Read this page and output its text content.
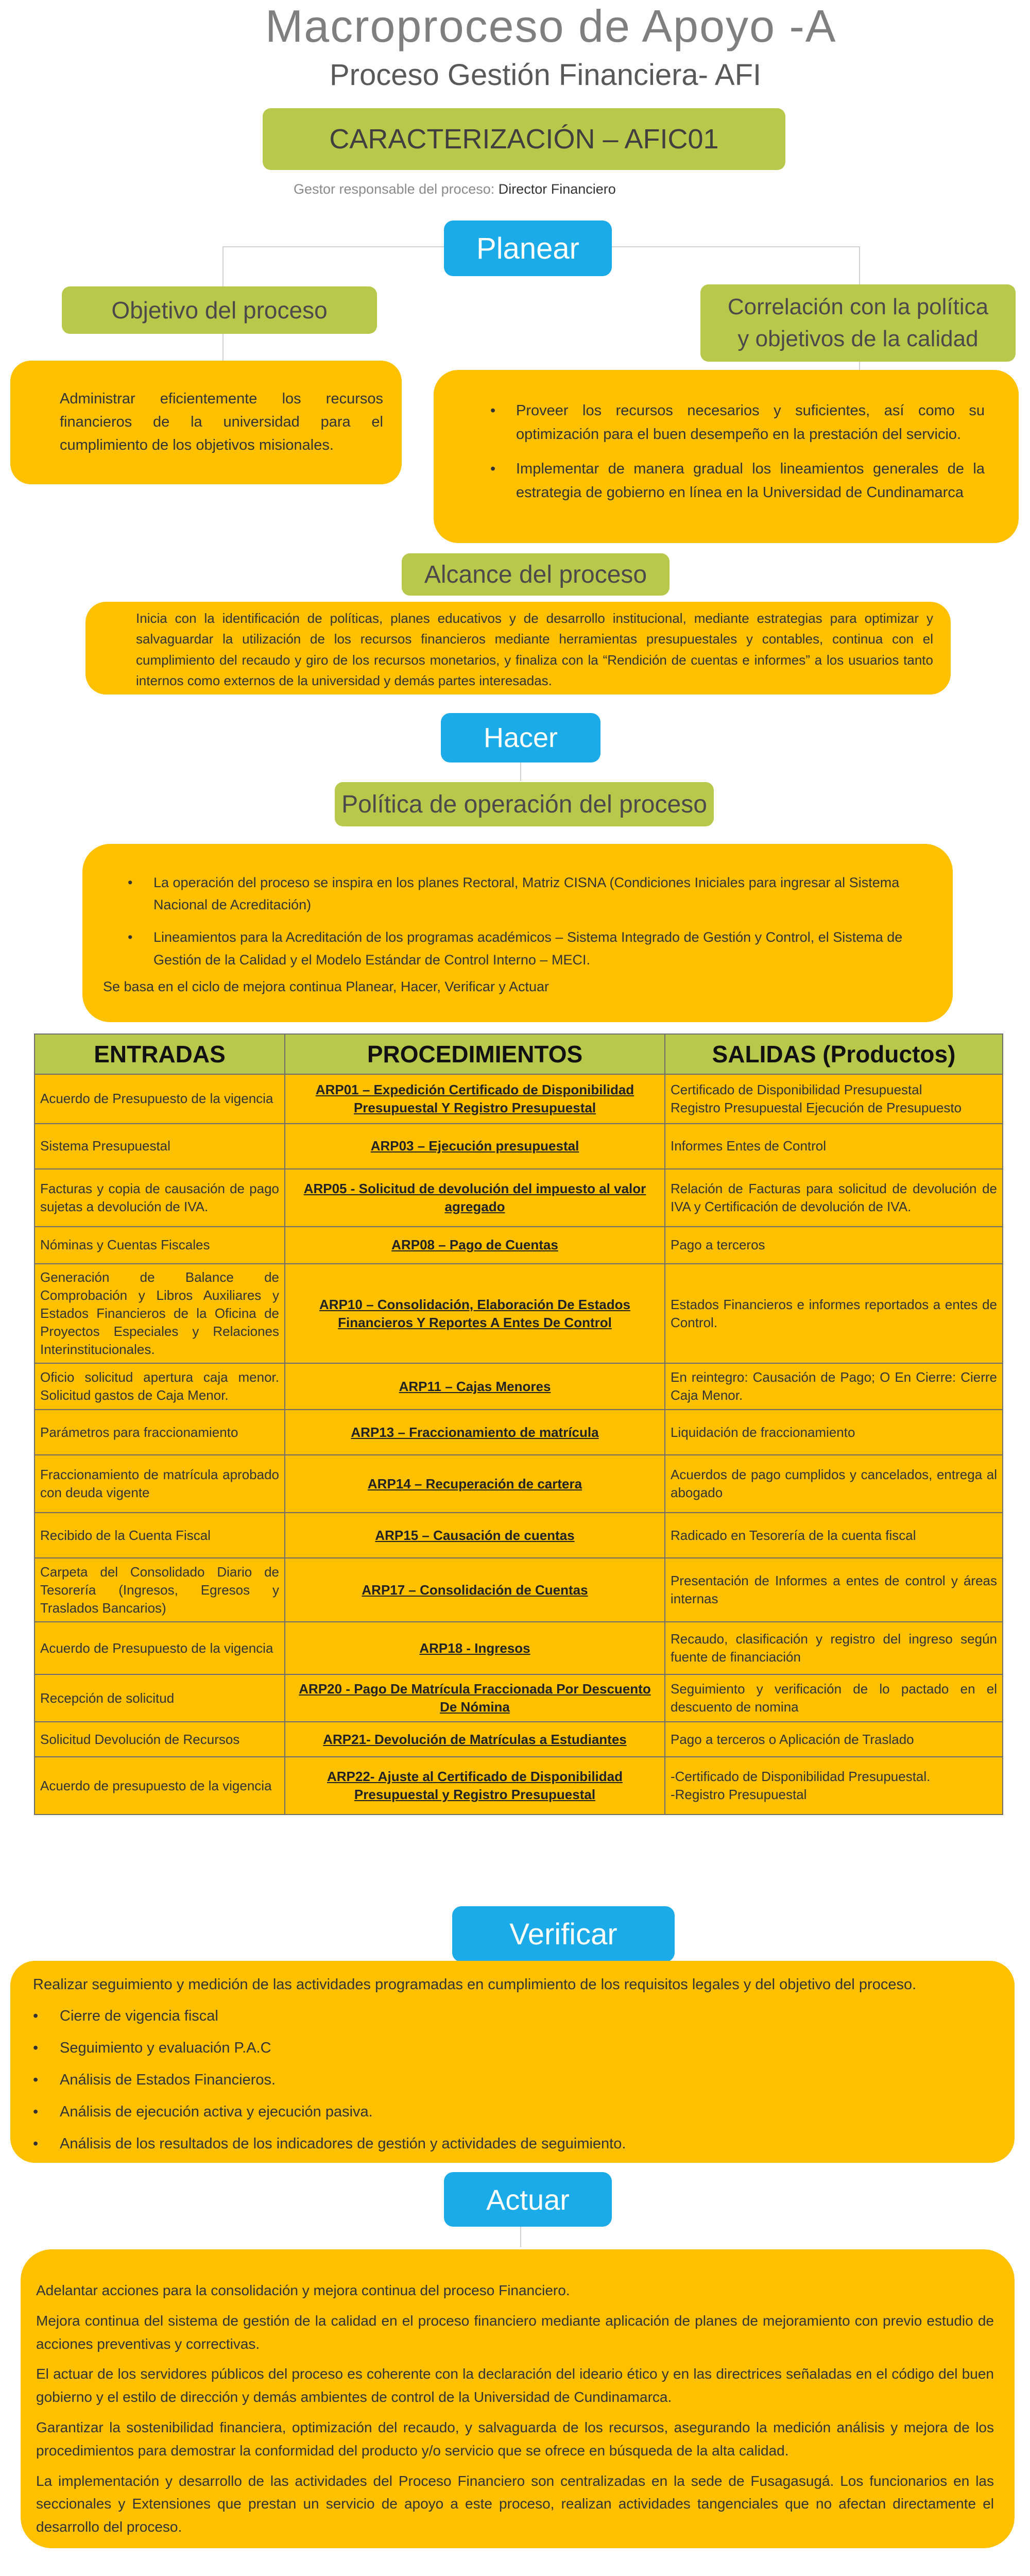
Macroproceso de Apoyo -A
Proceso Gestión Financiera- AFI
CARACTERIZACIÓN – AFIC01
Gestor responsable del proceso: Director Financiero
Planear
Objetivo del proceso	Correlación con la política
y objetivos de la calidad
Administrar eficientemente los recursos financieros de la universidad para el cumplimiento de los objetivos misionales.
• Proveer los recursos necesarios y suficientes, así como su optimización para el buen desempeño en la prestación del servicio.
• Implementar de manera gradual los lineamientos generales de la estrategia de gobierno en línea en la Universidad de Cundinamarca
Alcance del proceso
Inicia con la identificación de políticas, planes educativos y de desarrollo institucional, mediante estrategias para optimizar y salvaguardar la utilización de los recursos financieros mediante herramientas presupuestales y contables, continua con el cumplimiento del recaudo y giro de los recursos monetarios, y finaliza con la “Rendición de cuentas e informes” a los usuarios tanto internos como externos de la universidad y demás partes interesadas.
Hacer
Política de operación del proceso
• La operación del proceso se inspira en los planes Rectoral, Matriz CISNA (Condiciones Iniciales para ingresar al Sistema Nacional de Acreditación)
• Lineamientos para la Acreditación de los programas académicos – Sistema Integrado de Gestión y Control, el Sistema de Gestión de la Calidad y el Modelo Estándar de Control Interno – MECI.
Se basa en el ciclo de mejora continua Planear, Hacer, Verificar y Actuar
ENTRADAS	PROCEDIMIENTOS	SALIDAS (Productos)
Acuerdo de Presupuesto de la vigencia	ARP01 – Expedición Certificado de Disponibilidad Presupuestal Y Registro Presupuestal	Certificado de Disponibilidad Presupuestal
Registro Presupuestal Ejecución de Presupuesto
Sistema Presupuestal	ARP03 – Ejecución presupuestal	Informes Entes de Control
Facturas y copia de causación de pago sujetas a devolución de IVA.	ARP05 - Solicitud de devolución del impuesto al valor agregado	Relación de Facturas para solicitud de devolución de IVA y Certificación de devolución de IVA.
Nóminas y Cuentas Fiscales	ARP08 – Pago de Cuentas	Pago a terceros
Generación de Balance de Comprobación y Libros Auxiliares y Estados Financieros de la Oficina de Proyectos Especiales y Relaciones Interinstitucionales.	ARP10 – Consolidación, Elaboración De Estados Financieros Y Reportes A Entes De Control	Estados Financieros e informes reportados a entes de Control.
Oficio solicitud apertura caja menor. Solicitud gastos de Caja Menor.	ARP11 – Cajas Menores	En reintegro: Causación de Pago; O En Cierre: Cierre Caja Menor.
Parámetros para fraccionamiento	ARP13 – Fraccionamiento de matrícula	Liquidación de fraccionamiento
Fraccionamiento de matrícula aprobado con deuda vigente	ARP14 – Recuperación de cartera	Acuerdos de pago cumplidos y cancelados, entrega al abogado
Recibido de la Cuenta Fiscal	ARP15 – Causación de cuentas	Radicado en Tesorería de la cuenta fiscal
Carpeta del Consolidado Diario de Tesorería (Ingresos, Egresos y Traslados Bancarios)	ARP17 – Consolidación de Cuentas	Presentación de Informes a entes de control y áreas internas
Acuerdo de Presupuesto de la vigencia	ARP18 - Ingresos	Recaudo, clasificación y registro del ingreso según fuente de financiación
Recepción de solicitud	ARP20 - Pago De Matrícula Fraccionada Por Descuento De Nómina	Seguimiento y verificación de lo pactado en el descuento de nomina
Solicitud Devolución de Recursos	ARP21- Devolución de Matrículas a Estudiantes	Pago a terceros o Aplicación de Traslado
Acuerdo de presupuesto de la vigencia	ARP22- Ajuste al Certificado de Disponibilidad Presupuestal y Registro Presupuestal	-Certificado de Disponibilidad Presupuestal.
-Registro Presupuestal
Verificar
Realizar seguimiento y medición de las actividades programadas en cumplimiento de los requisitos legales y del objetivo del proceso.
• Cierre de vigencia fiscal
• Seguimiento y evaluación P.A.C
• Análisis de Estados Financieros.
• Análisis de ejecución activa y ejecución pasiva.
• Análisis de los resultados de los indicadores de gestión y actividades de seguimiento.
Actuar

Adelantar acciones para la consolidación y mejora continua del proceso Financiero.

Mejora continua del sistema de gestión de la calidad en el proceso financiero mediante aplicación de planes de mejoramiento con previo estudio de acciones preventivas y correctivas.

El actuar de los servidores públicos del proceso es coherente con la declaración del ideario ético y en las directrices señaladas en el código del buen gobierno y el estilo de dirección y demás ambientes de control de la Universidad de Cundinamarca.

Garantizar la sostenibilidad financiera, optimización del recaudo, y salvaguarda de los recursos, asegurando la medición análisis y mejora de los procedimientos para demostrar la conformidad del producto y/o servicio que se ofrece en búsqueda de la alta calidad.

La implementación y desarrollo de las actividades del Proceso Financiero son centralizadas en la sede de Fusagasugá. Los funcionarios en las seccionales y Extensiones que prestan un servicio de apoyo a este proceso, realizan actividades tangenciales que no afectan directamente el desarrollo del proceso.
